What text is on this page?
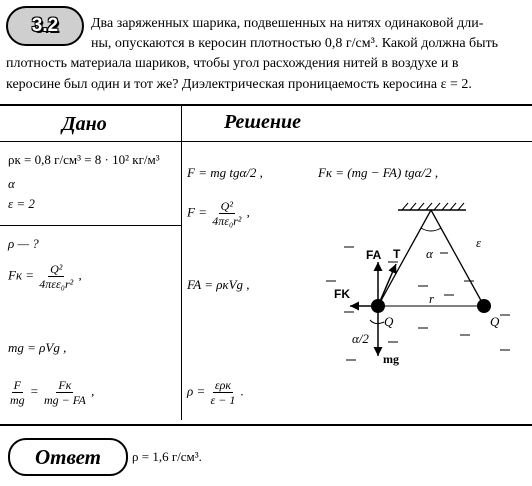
3.2 Два заряженных шарика, подвешенных на нитях одинаковой дли-
ны, опускаются в керосин плотностью 0,8 г/см³. Какой должна быть
плотность материала шариков, чтобы угол расхождения нитей в воздухе и в
керосине был один и тот же? Диэлектрическая проницаемость керосина ε = 2.
Дано	Решение
ρк = 0,8 г/см³ = 8 · 10² кг/м³
α
ε = 2
ρ — ?
F = mg tgα/2 ,	Fк = (mg − FA) tgα/2 ,
$F = \frac{\text{Q²}}{\text{4πε₀r²}}$ ,
Fк = $\frac{\text{Q²}}{\text{4πεε₀r²}}$ ,
FA = ρкVg ,
mg = ρVg ,
$\frac{F}{mg} = \frac{Fк}{mg - FA}$ ,	$\rho = \frac{\text{ερк}}{\varepsilon - 1}$ .
FA T
FK
α
ε
r
Q	Q
α/2
mg
Ответ ρ = 1,6 г/см³.
